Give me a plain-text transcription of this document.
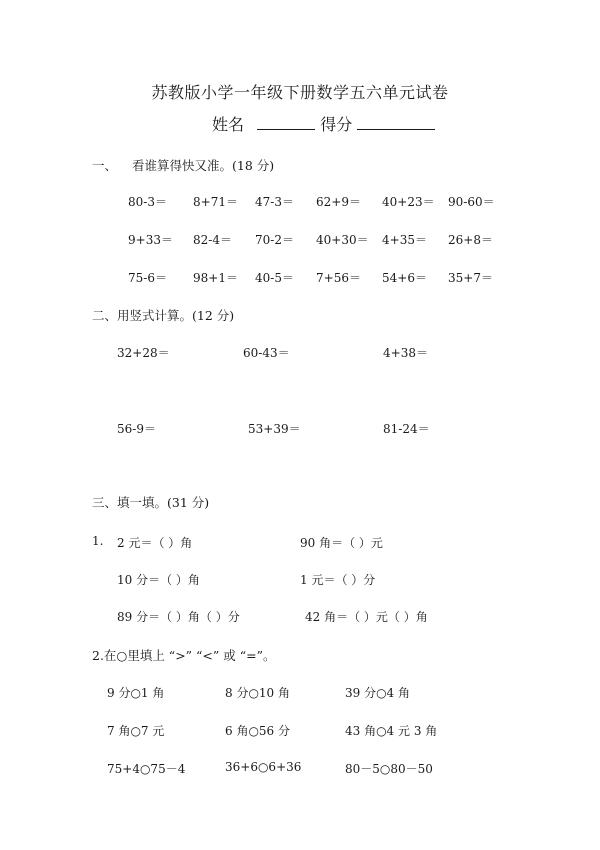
苏教版小学一年级下册数学五六单元试卷
姓名	得分
一、 看谁算得快又准。(18 分)
80-3＝ 8+71＝ 47-3＝ 62+9＝ 40+23＝ 90-60＝
9+33＝ 82-4＝ 70-2＝ 40+30＝ 4+35＝ 26+8＝
75-6＝ 98+1＝ 40-5＝ 7+56＝ 54+6＝ 35+7＝
二、用竖式计算。(12 分)
32+28＝	60-43＝	4+38＝
56-9＝	53+39＝	81-24＝
三、填一填。(31 分)
1. 2 元＝（ ）角	90 角＝（ ）元
10 分＝（ ）角	1 元＝（ ）分
89 分＝（ ）角（ ）分	42 角＝（ ）元（ ）角
2.在○里填上 “>” “<” 或 “=”。
9 分○1 角	8 分○10 角	39 分○4 角
7 角○7 元	6 角○56 分	43 角○4 元 3 角
75+4○75－4	36+6○6+36	80－5○80－50
